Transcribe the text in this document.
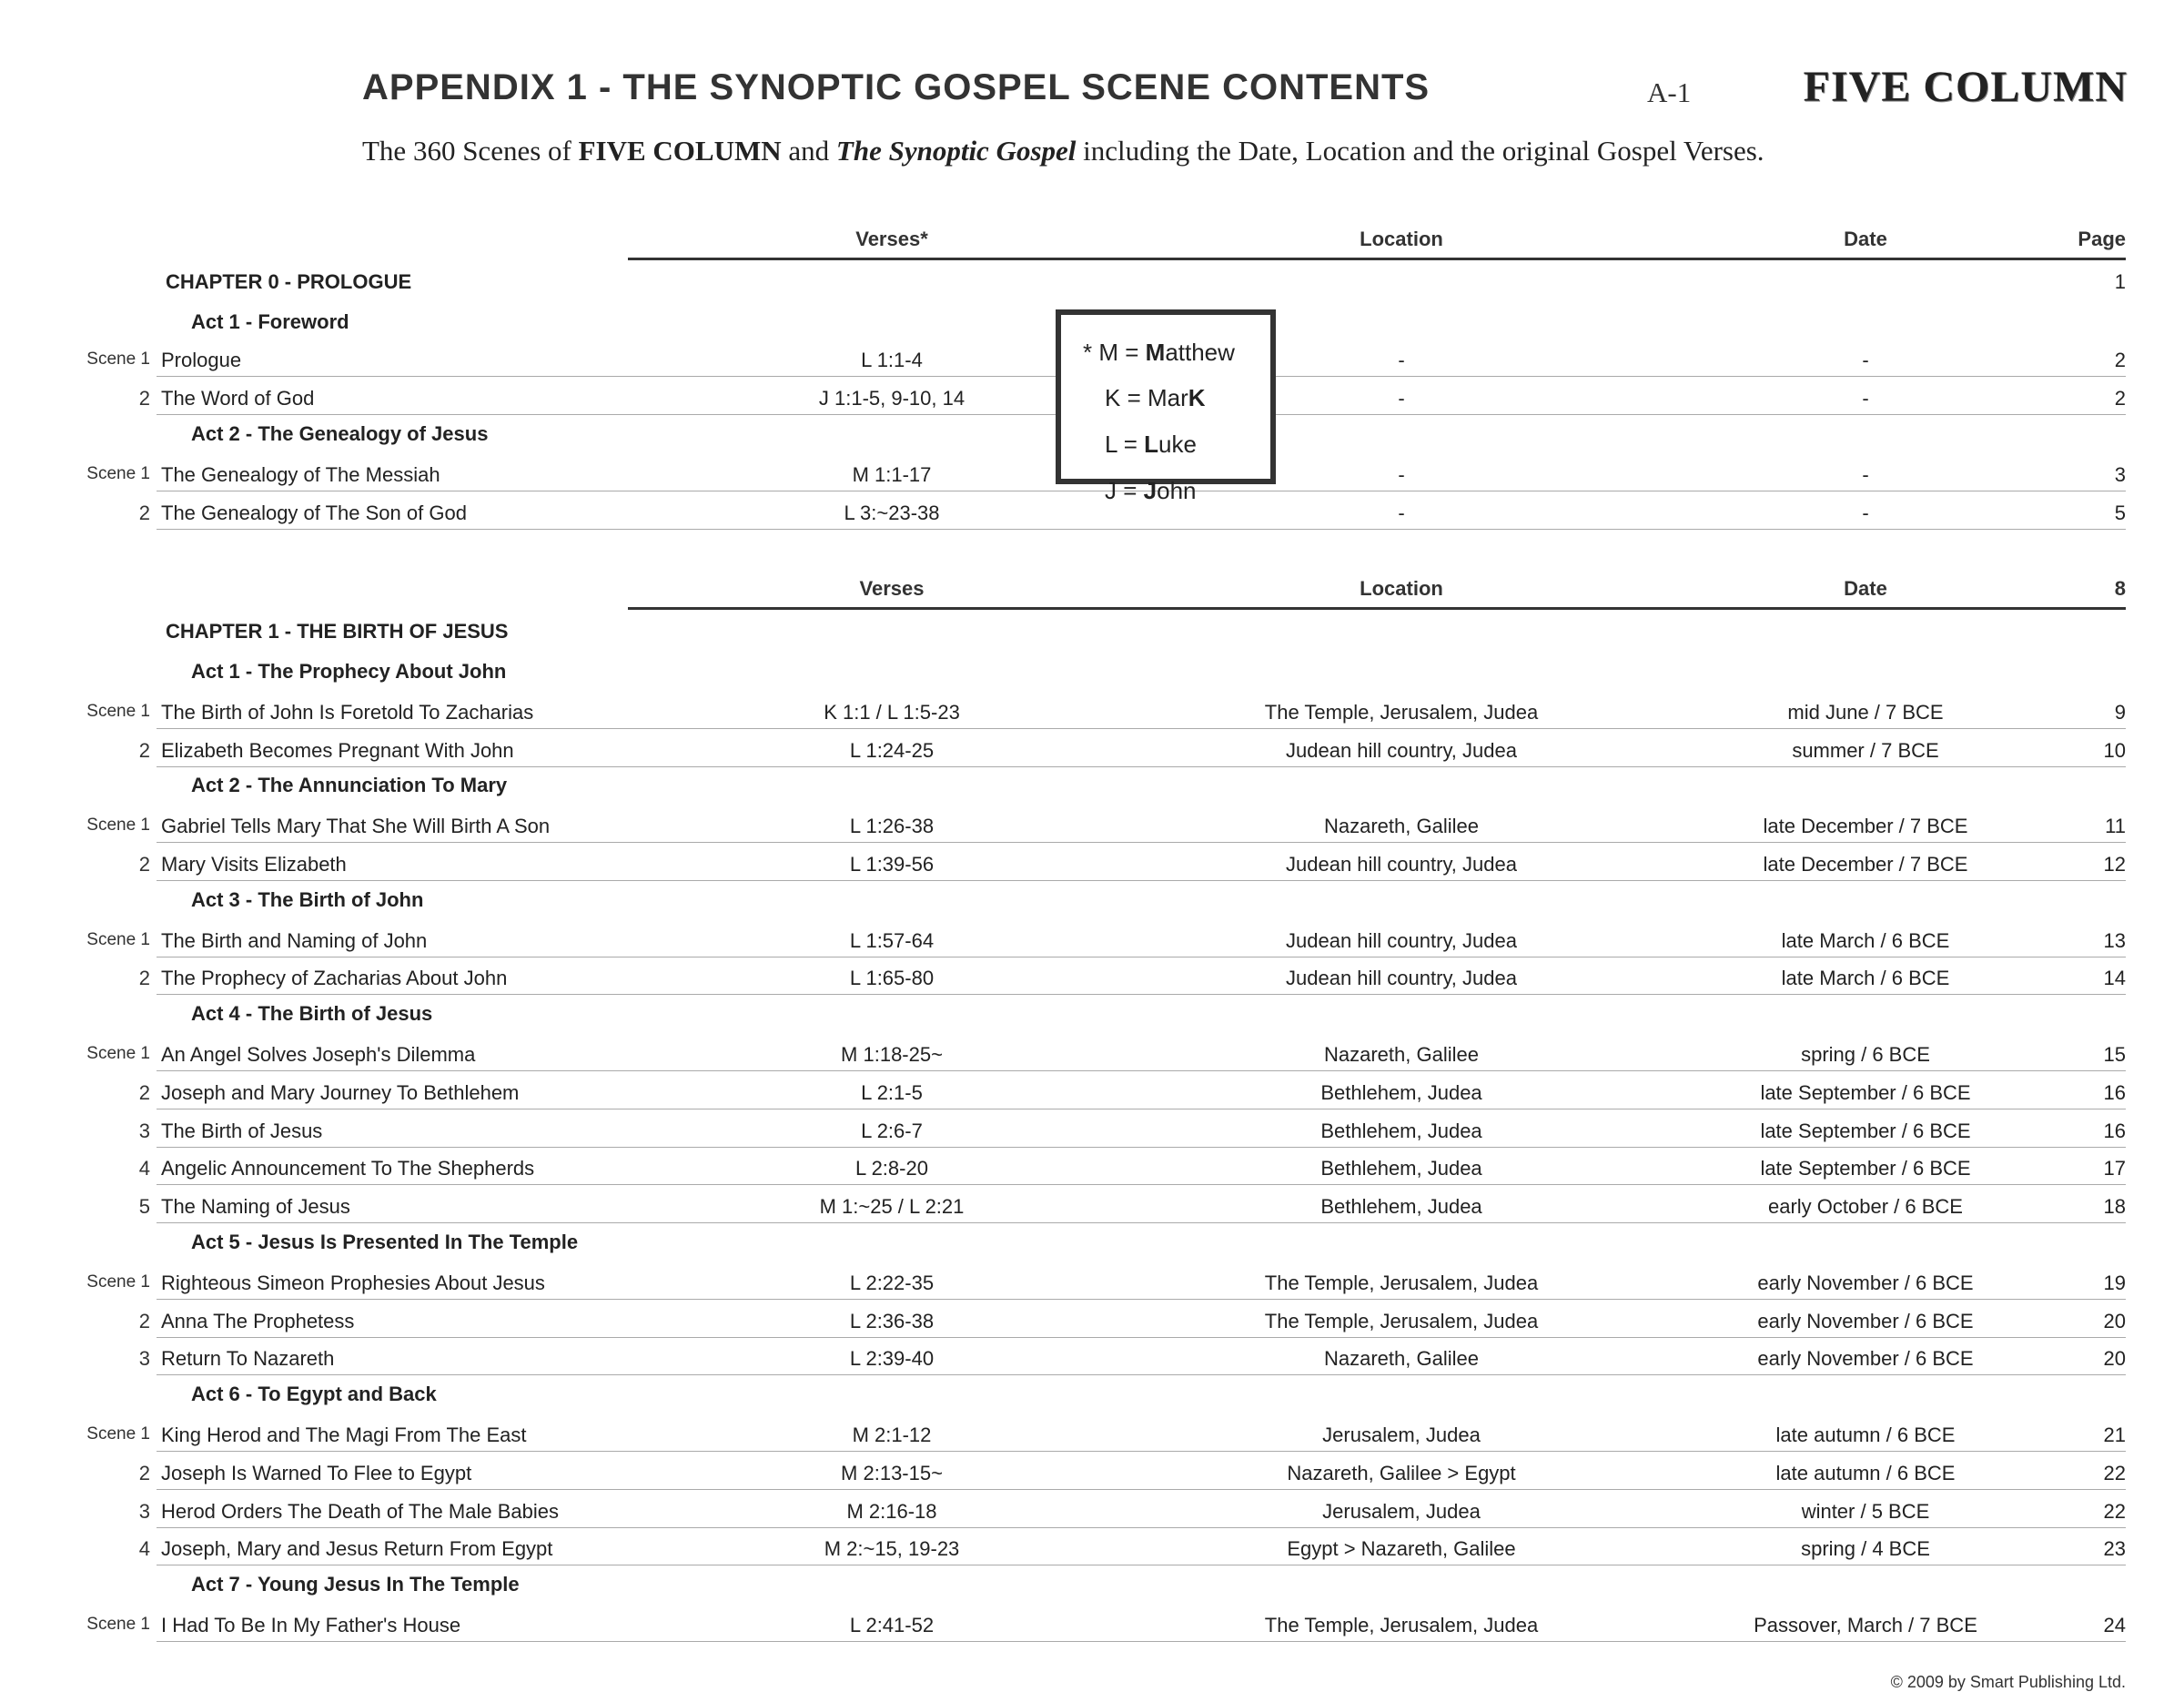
APPENDIX 1 - THE SYNOPTIC GOSPEL SCENE CONTENTS	A-1	FIVE COLUMN
The 360 Scenes of FIVE COLUMN and The Synoptic Gospel including the Date, Location and the original Gospel Verses.
Verses*	Location	Date	Page
CHAPTER 0 - PROLOGUE	1
Act 1 - Foreword
Scene 1 Prologue	L 1:1-4	-	-	2
2 The Word of God	J 1:1-5, 9-10, 14	-	-	2
Act 2 - The Genealogy of Jesus
Scene 1 The Genealogy of The Messiah	M 1:1-17	-	-	3
2 The Genealogy of The Son of God	L 3:~23-38	-	-	5
* M = Matthew
K = MarK
L = Luke
J = John
Verses	Location	Date	8
CHAPTER 1 - THE BIRTH OF JESUS
Act 1 - The Prophecy About John
Scene 1 The Birth of John Is Foretold To Zacharias	K 1:1 / L 1:5-23	The Temple, Jerusalem, Judea	mid June / 7 BCE	9
2 Elizabeth Becomes Pregnant With John	L 1:24-25	Judean hill country, Judea	summer / 7 BCE	10
Act 2 - The Annunciation To Mary
Scene 1 Gabriel Tells Mary That She Will Birth A Son	L 1:26-38	Nazareth, Galilee	late December / 7 BCE	11
2 Mary Visits Elizabeth	L 1:39-56	Judean hill country, Judea	late December / 7 BCE	12
Act 3 - The Birth of John
Scene 1 The Birth and Naming of John	L 1:57-64	Judean hill country, Judea	late March / 6 BCE	13
2 The Prophecy of Zacharias About John	L 1:65-80	Judean hill country, Judea	late March / 6 BCE	14
Act 4 - The Birth of Jesus
Scene 1 An Angel Solves Joseph's Dilemma	M 1:18-25~	Nazareth, Galilee	spring / 6 BCE	15
2 Joseph and Mary Journey To Bethlehem	L 2:1-5	Bethlehem, Judea	late September / 6 BCE	16
3 The Birth of Jesus	L 2:6-7	Bethlehem, Judea	late September / 6 BCE	16
4 Angelic Announcement To The Shepherds	L 2:8-20	Bethlehem, Judea	late September / 6 BCE	17
5 The Naming of Jesus	M 1:~25 / L 2:21	Bethlehem, Judea	early October / 6 BCE	18
Act 5 - Jesus Is Presented In The Temple
Scene 1 Righteous Simeon Prophesies About Jesus	L 2:22-35	The Temple, Jerusalem, Judea	early November / 6 BCE	19
2 Anna The Prophetess	L 2:36-38	The Temple, Jerusalem, Judea	early November / 6 BCE	20
3 Return To Nazareth	L 2:39-40	Nazareth, Galilee	early November / 6 BCE	20
Act 6 - To Egypt and Back
Scene 1 King Herod and The Magi From The East	M 2:1-12	Jerusalem, Judea	late autumn / 6 BCE	21
2 Joseph Is Warned To Flee to Egypt	M 2:13-15~	Nazareth, Galilee > Egypt	late autumn / 6 BCE	22
3 Herod Orders The Death of The Male Babies	M 2:16-18	Jerusalem, Judea	winter / 5 BCE	22
4 Joseph, Mary and Jesus Return From Egypt	M 2:~15, 19-23	Egypt > Nazareth, Galilee	spring / 4 BCE	23
Act 7 - Young Jesus In The Temple
Scene 1 I Had To Be In My Father's House	L 2:41-52	The Temple, Jerusalem, Judea	Passover, March / 7 BCE	24
© 2009 by Smart Publishing Ltd.
